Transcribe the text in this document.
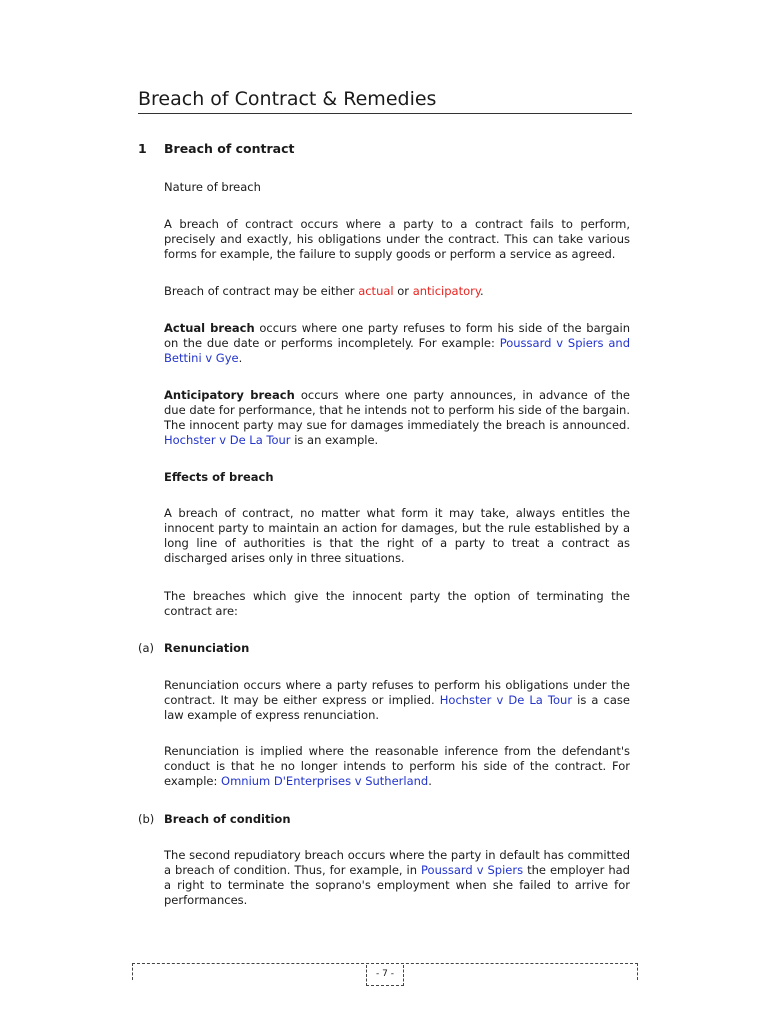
Breach of Contract & Remedies
1 Breach of contract
Nature of breach
A breach of contract occurs where a party to a contract fails to perform, precisely and exactly, his obligations under the contract. This can take various forms for example, the failure to supply goods or perform a service as agreed.
Breach of contract may be either actual or anticipatory.
Actual breach occurs where one party refuses to form his side of the bargain on the due date or performs incompletely. For example: Poussard v Spiers and Bettini v Gye.
Anticipatory breach occurs where one party announces, in advance of the due date for performance, that he intends not to perform his side of the bargain. The innocent party may sue for damages immediately the breach is announced. Hochster v De La Tour is an example.
Effects of breach
A breach of contract, no matter what form it may take, always entitles the innocent party to maintain an action for damages, but the rule established by a long line of authorities is that the right of a party to treat a contract as discharged arises only in three situations.
The breaches which give the innocent party the option of terminating the contract are:
(a) Renunciation
Renunciation occurs where a party refuses to perform his obligations under the contract. It may be either express or implied. Hochster v De La Tour is a case law example of express renunciation.
Renunciation is implied where the reasonable inference from the defendant's conduct is that he no longer intends to perform his side of the contract. For example: Omnium D'Enterprises v Sutherland.
(b) Breach of condition
The second repudiatory breach occurs where the party in default has committed a breach of condition. Thus, for example, in Poussard v Spiers the employer had a right to terminate the soprano's employment when she failed to arrive for performances.
- 7 -
